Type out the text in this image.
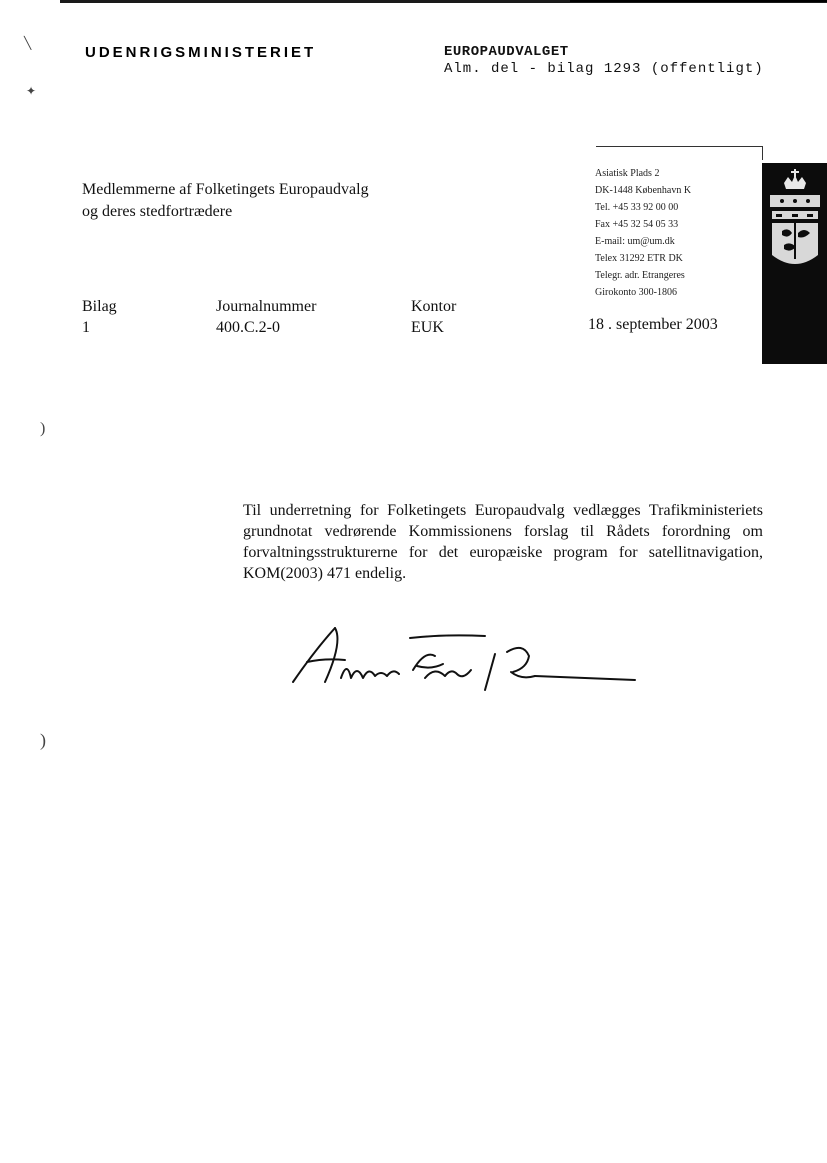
╲
✦
)
)
UDENRIGSMINISTERIET	EUROPAUDVALGET
Alm. del - bilag 1293 (offentligt)
Medlemmerne af Folketingets Europaudvalg
og deres stedfortrædere
Asiatisk Plads 2
DK-1448 København K
Tel. +45 33 92 00 00
Fax +45 32 54 05 33
E-mail: um@um.dk
Telex 31292 ETR DK
Telegr. adr. Etrangeres
Girokonto 300-1806
Bilag
1
Journalnummer
400.C.2-0
Kontor
EUK	18 . september 2003
Til underretning for Folketingets Europaudvalg vedlægges Trafikministeriets grundnotat vedrørende Kommissionens forslag til Rådets forordning om forvaltningsstrukturerne for det europæiske program for satellitnavigation, KOM(2003) 471 endelig.
